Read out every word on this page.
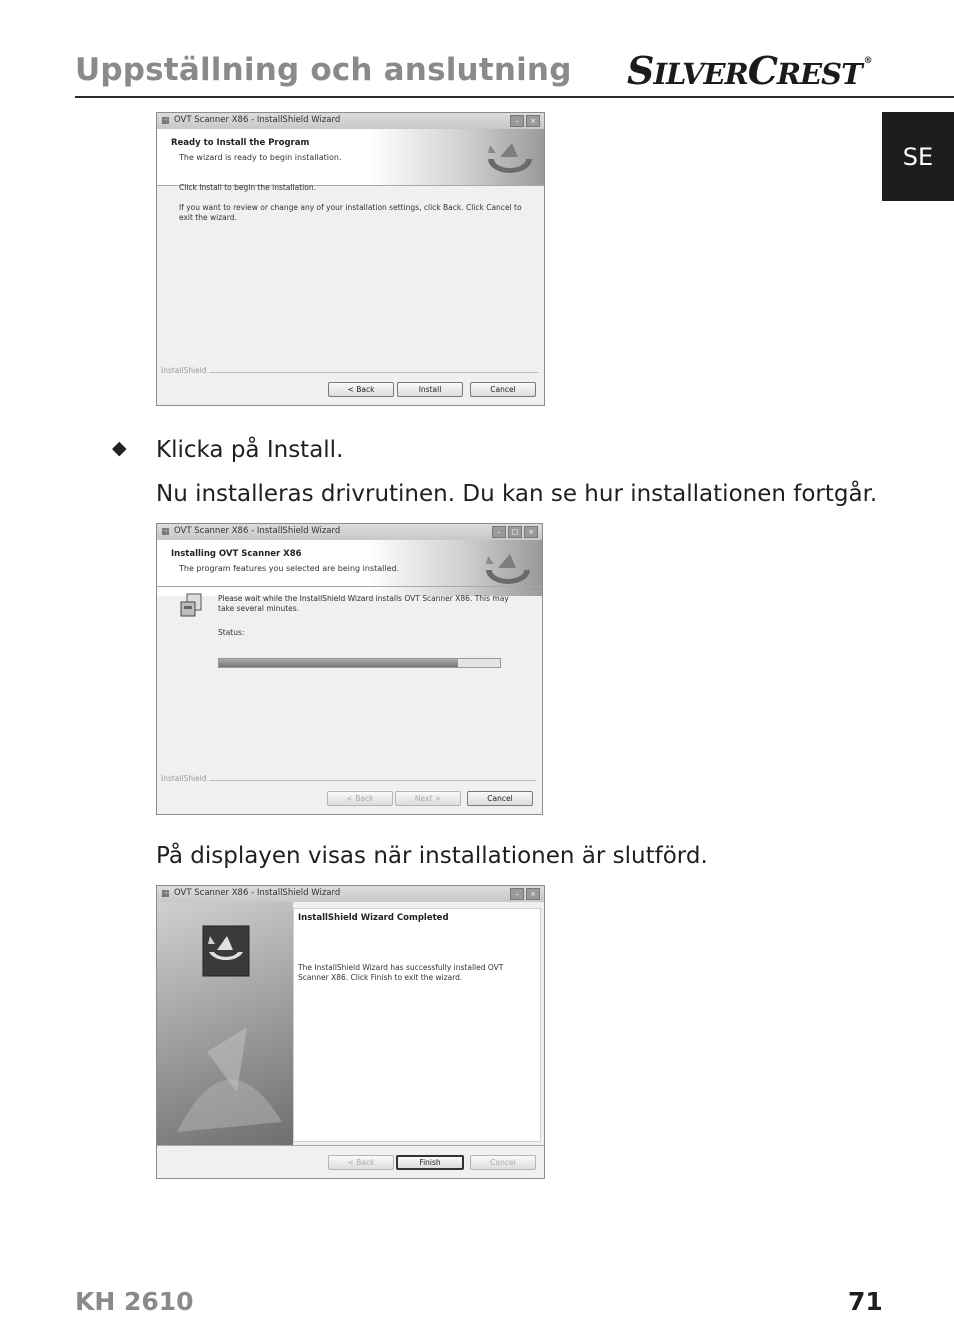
Uppställning och anslutning SILVERCREST ®
SE
▦ OVT Scanner X86 - InstallShield Wizard	–	×
Ready to Install the Program
The wizard is ready to begin installation.
Click Install to begin the installation.
If you want to review or change any of your installation settings, click Back. Click Cancel to exit the wizard.
InstallShield
< Back	Install	Cancel
◆ Klicka på Install.
Nu installeras drivrutinen. Du kan se hur installationen fortgår.
▦ OVT Scanner X86 - InstallShield Wizard	–	□	×
Installing OVT Scanner X86
The program features you selected are being installed.
Please wait while the InstallShield Wizard installs OVT Scanner X86. This may take several minutes.
Status:
InstallShield
< Back	Next >	Cancel
På displayen visas när installationen är slutförd.
▦ OVT Scanner X86 - InstallShield Wizard	–	×
InstallShield Wizard Completed
The InstallShield Wizard has successfully installed OVT Scanner X86. Click Finish to exit the wizard.
< Back	Finish	Cancel
KH 2610	71
